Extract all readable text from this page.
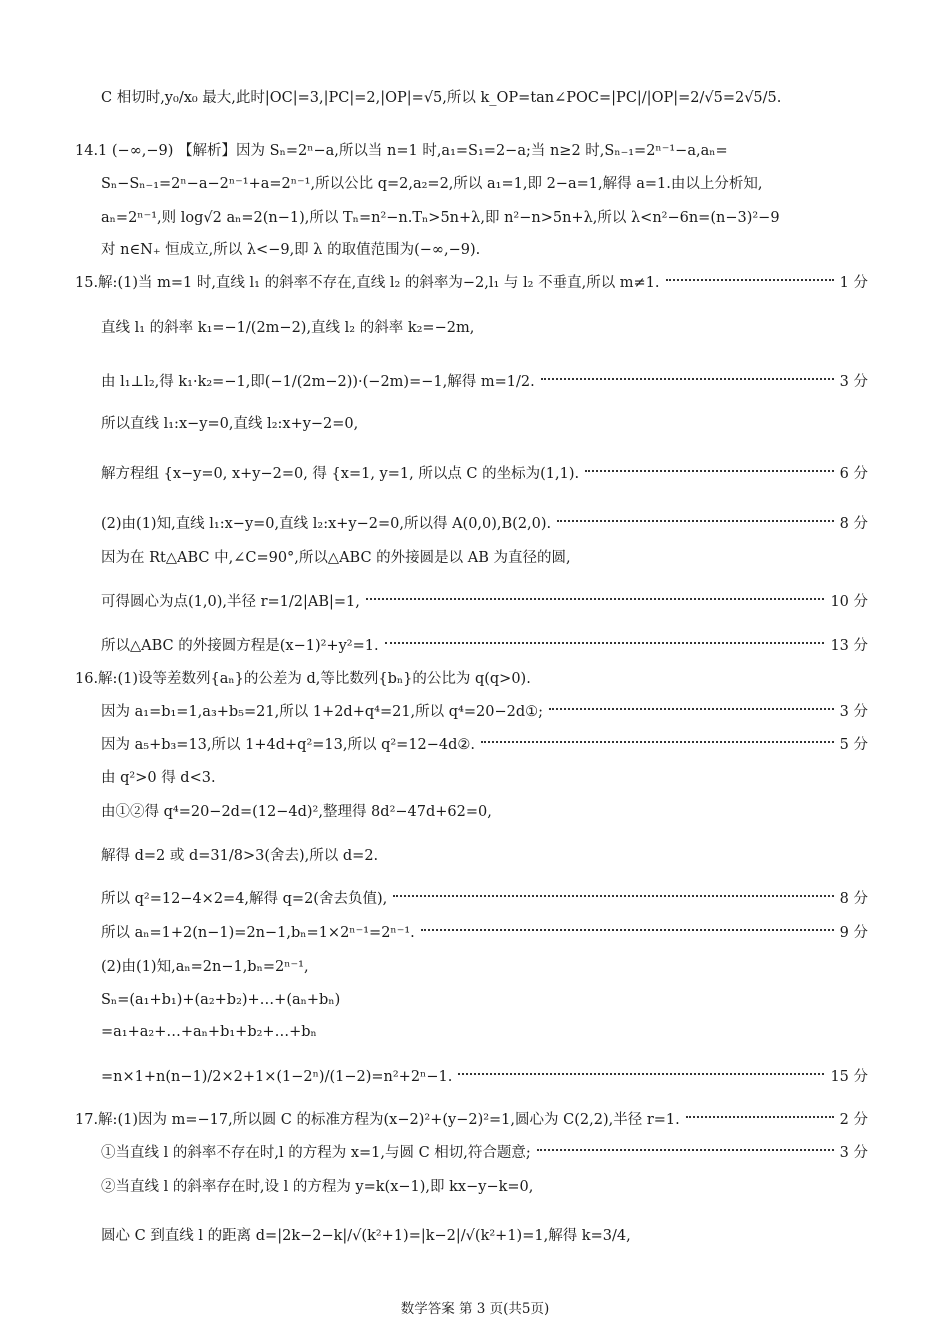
C 相切时,y₀/x₀ 最大,此时|OC|=3,|PC|=2,|OP|=√5,所以 k_OP=tan∠POC=|PC|/|OP|=2/√5=2√5/5.
14.1 (−∞,−9) 【解析】因为 Sₙ=2ⁿ−a,所以当 n=1 时,a₁=S₁=2−a;当 n≥2 时,Sₙ₋₁=2ⁿ⁻¹−a,aₙ=
Sₙ−Sₙ₋₁=2ⁿ−a−2ⁿ⁻¹+a=2ⁿ⁻¹,所以公比 q=2,a₂=2,所以 a₁=1,即 2−a=1,解得 a=1.由以上分析知,
aₙ=2ⁿ⁻¹,则 log√2 aₙ=2(n−1),所以 Tₙ=n²−n.Tₙ>5n+λ,即 n²−n>5n+λ,所以 λ<n²−6n=(n−3)²−9
对 n∈N₊ 恒成立,所以 λ<−9,即 λ 的取值范围为(−∞,−9).
15.解:(1)当 m=1 时,直线 l₁ 的斜率不存在,直线 l₂ 的斜率为−2,l₁ 与 l₂ 不垂直,所以 m≠1.	1 分
直线 l₁ 的斜率 k₁=−1/(2m−2),直线 l₂ 的斜率 k₂=−2m,
由 l₁⊥l₂,得 k₁·k₂=−1,即(−1/(2m−2))·(−2m)=−1,解得 m=1/2.	3 分
所以直线 l₁:x−y=0,直线 l₂:x+y−2=0,
解方程组 {x−y=0, x+y−2=0, 得 {x=1, y=1, 所以点 C 的坐标为(1,1).	6 分
(2)由(1)知,直线 l₁:x−y=0,直线 l₂:x+y−2=0,所以得 A(0,0),B(2,0).	8 分
因为在 Rt△ABC 中,∠C=90°,所以△ABC 的外接圆是以 AB 为直径的圆,
可得圆心为点(1,0),半径 r=1/2|AB|=1,	10 分
所以△ABC 的外接圆方程是(x−1)²+y²=1.	13 分
16.解:(1)设等差数列{aₙ}的公差为 d,等比数列{bₙ}的公比为 q(q>0).
因为 a₁=b₁=1,a₃+b₅=21,所以 1+2d+q⁴=21,所以 q⁴=20−2d①;	3 分
因为 a₅+b₃=13,所以 1+4d+q²=13,所以 q²=12−4d②.	5 分
由 q²>0 得 d<3.
由①②得 q⁴=20−2d=(12−4d)²,整理得 8d²−47d+62=0,
解得 d=2 或 d=31/8>3(舍去),所以 d=2.
所以 q²=12−4×2=4,解得 q=2(舍去负值),	8 分
所以 aₙ=1+2(n−1)=2n−1,bₙ=1×2ⁿ⁻¹=2ⁿ⁻¹.	9 分
(2)由(1)知,aₙ=2n−1,bₙ=2ⁿ⁻¹,
Sₙ=(a₁+b₁)+(a₂+b₂)+…+(aₙ+bₙ)
=a₁+a₂+…+aₙ+b₁+b₂+…+bₙ
=n×1+n(n−1)/2×2+1×(1−2ⁿ)/(1−2)=n²+2ⁿ−1.	15 分
17.解:(1)因为 m=−17,所以圆 C 的标准方程为(x−2)²+(y−2)²=1,圆心为 C(2,2),半径 r=1.	2 分
①当直线 l 的斜率不存在时,l 的方程为 x=1,与圆 C 相切,符合题意;	3 分
②当直线 l 的斜率存在时,设 l 的方程为 y=k(x−1),即 kx−y−k=0,
圆心 C 到直线 l 的距离 d=|2k−2−k|/√(k²+1)=|k−2|/√(k²+1)=1,解得 k=3/4,
数学答案 第 3 页(共5页)
